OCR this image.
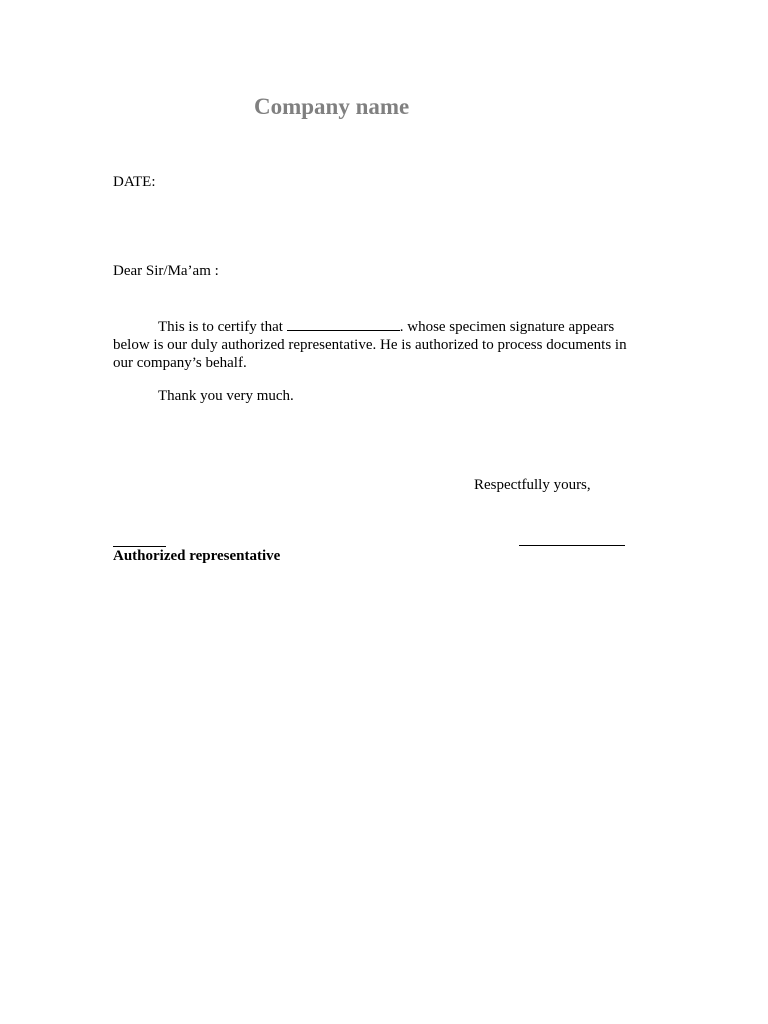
Company name
DATE:
Dear Sir/Ma’am :
This is to certify that	. whose specimen signature appears
below is our duly authorized representative. He is authorized to process documents in
our company’s behalf.
Thank you very much.
Respectfully yours,
Authorized representative
